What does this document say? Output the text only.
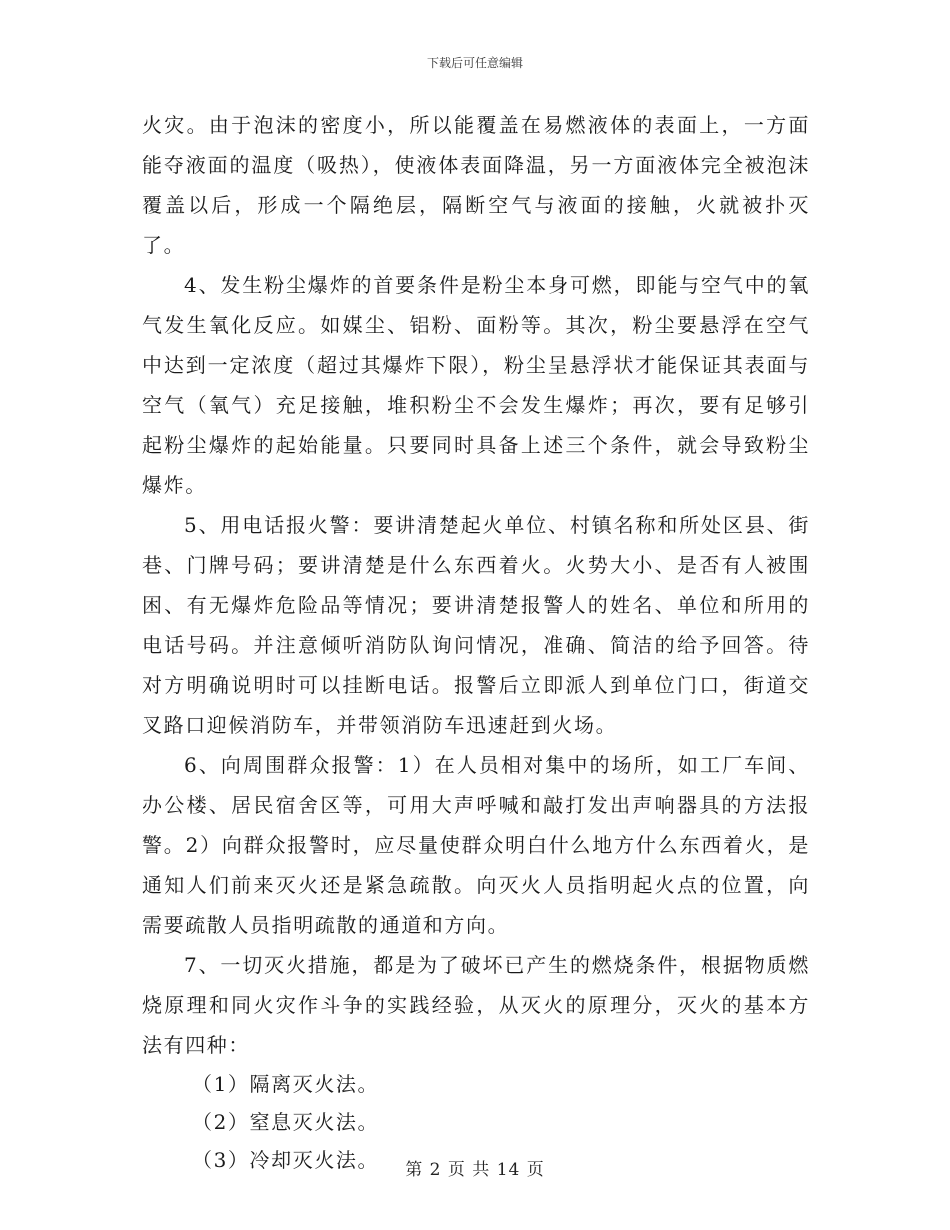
下载后可任意编辑

火灾。由于泡沫的密度小，所以能覆盖在易燃液体的表面上，一方面能夺液面的温度（吸热），使液体表面降温，另一方面液体完全被泡沫覆盖以后，形成一个隔绝层，隔断空气与液面的接触，火就被扑灭了。

4、发生粉尘爆炸的首要条件是粉尘本身可燃，即能与空气中的氧气发生氧化反应。如媒尘、铝粉、面粉等。其次，粉尘要悬浮在空气中达到一定浓度（超过其爆炸下限），粉尘呈悬浮状才能保证其表面与空气（氧气）充足接触，堆积粉尘不会发生爆炸；再次，要有足够引起粉尘爆炸的起始能量。只要同时具备上述三个条件，就会导致粉尘爆炸。

5、用电话报火警：要讲清楚起火单位、村镇名称和所处区县、街巷、门牌号码；要讲清楚是什么东西着火。火势大小、是否有人被围困、有无爆炸危险品等情况；要讲清楚报警人的姓名、单位和所用的电话号码。并注意倾听消防队询问情况，准确、简洁的给予回答。待对方明确说明时可以挂断电话。报警后立即派人到单位门口，街道交叉路口迎候消防车，并带领消防车迅速赶到火场。

6、向周围群众报警：1）在人员相对集中的场所，如工厂车间、办公楼、居民宿舍区等，可用大声呼喊和敲打发出声响器具的方法报警。2）向群众报警时，应尽量使群众明白什么地方什么东西着火，是通知人们前来灭火还是紧急疏散。向灭火人员指明起火点的位置，向需要疏散人员指明疏散的通道和方向。

7、一切灭火措施，都是为了破坏已产生的燃烧条件，根据物质燃烧原理和同火灾作斗争的实践经验，从灭火的原理分，灭火的基本方法有四种：

（1）隔离灭火法。

（2）窒息灭火法。

（3）冷却灭火法。	第 2 页 共 14 页
